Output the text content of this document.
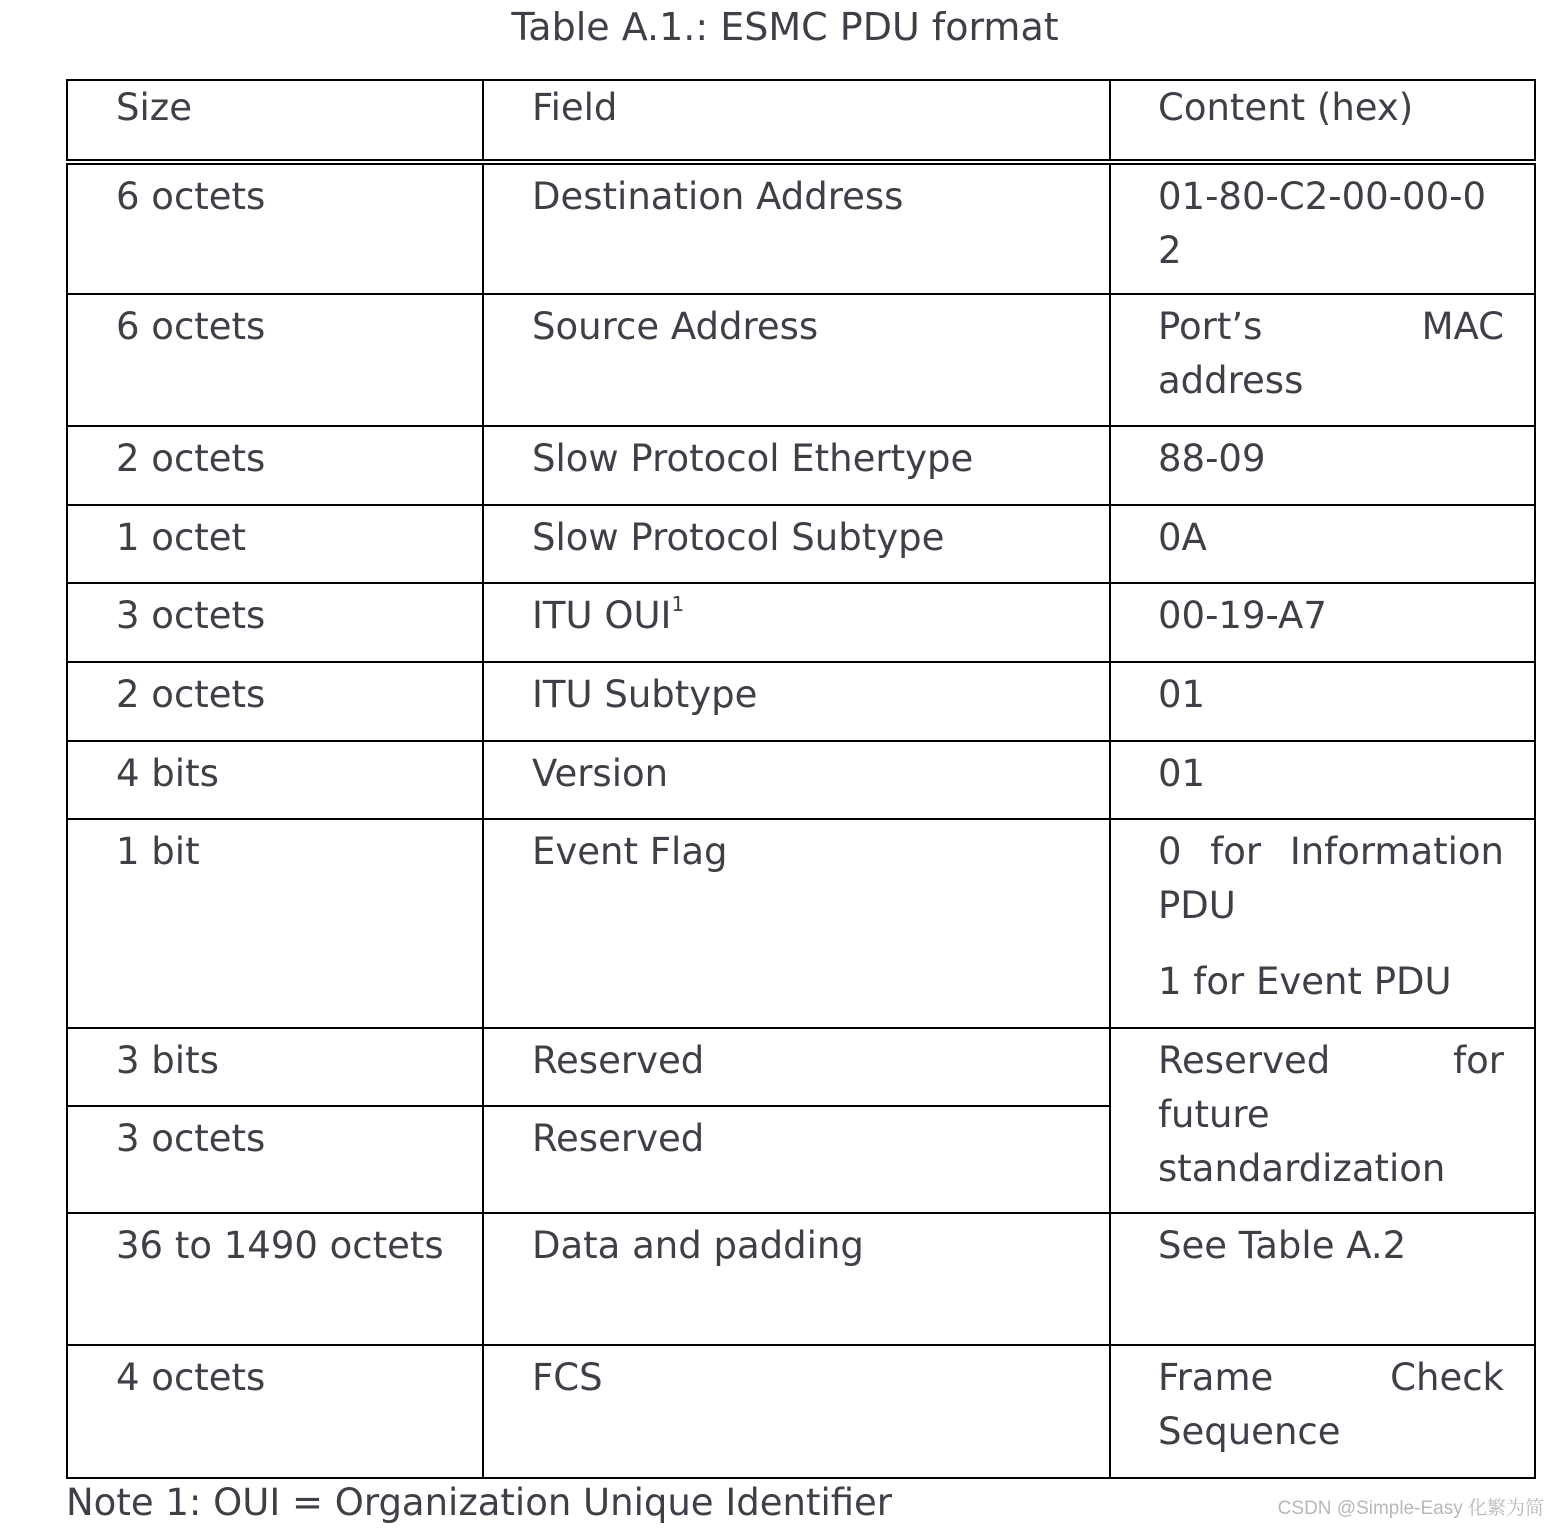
Table A.1.: ESMC PDU format
Size	Field	Content (hex)
6 octets	Destination Address	01-80-C2-00-00-02
6 octets	Source Address	Port’s MAC address
2 octets	Slow Protocol Ethertype	88-09
1 octet	Slow Protocol Subtype	0A
3 octets	ITU OUI$^1$	00-19-A7
2 octets	ITU Subtype	01
4 bits	Version	01
1 bit	Event Flag	0 for Information PDU
1 for Event PDU

3 bits	Reserved	Reserved for future standardization
3 octets	Reserved	
36 to 1490 octets	Data and padding	See Table A.2
4 octets	FCS	Frame Check Sequence
Note 1: OUI = Organization Unique Identifier	CSDN @Simple-Easy 化繁为简
